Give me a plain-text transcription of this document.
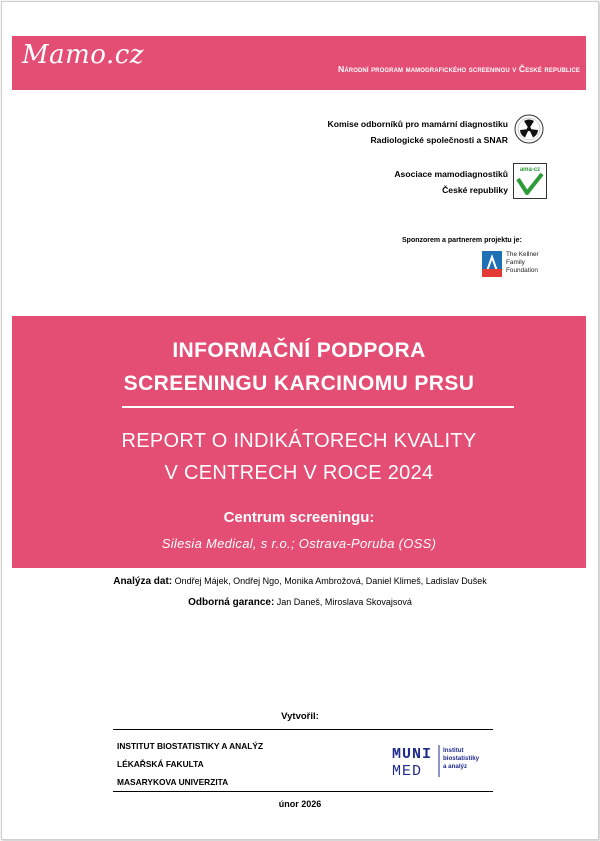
Mamo.cz	Národní program mamografického screeningu v České republice
Komise odborníků pro mamární diagnostiku
Radiologické společnosti a SNAR
Asociace mamodiagnostiků
České republiky
ama-cz
Sponzorem a partnerem projektu je:
The Kellner
Family
Foundation
INFORMAČNÍ PODPORA
SCREENINGU KARCINOMU PRSU
REPORT O INDIKÁTORECH KVALITY
V CENTRECH V ROCE 2024
Centrum screeningu:
Silesia Medical, s r.o.; Ostrava-Poruba (OSS)
Analýza dat: Ondřej Májek, Ondřej Ngo, Monika Ambrožová, Daniel Klimeš, Ladislav Dušek
Odborná garance: Jan Daneš, Miroslava Skovajsová
Vytvořil:
INSTITUT BIOSTATISTIKY A ANALÝZ
LÉKAŘSKÁ FAKULTA
MASARYKOVA UNIVERZITA
MUNI
MED
Institut
biostatistiky
a analýz
únor 2026
